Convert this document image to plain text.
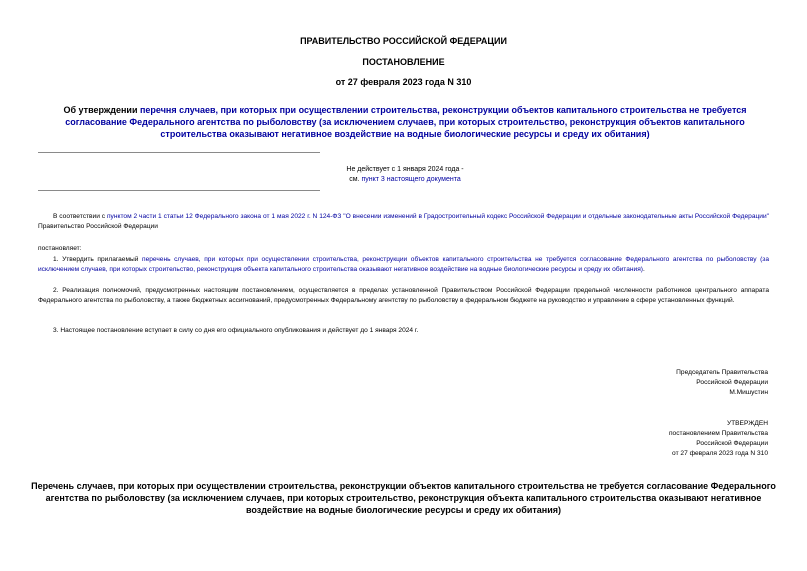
ПРАВИТЕЛЬСТВО РОССИЙСКОЙ ФЕДЕРАЦИИ
ПОСТАНОВЛЕНИЕ
от 27 февраля 2023 года N 310
Об утверждении перечня случаев, при которых при осуществлении строительства, реконструкции объектов капитального строительства не требуется согласование Федерального агентства по рыболовству (за исключением случаев, при которых строительство, реконструкция объектов капитального строительства оказывают негативное воздействие на водные биологические ресурсы и среду их обитания)
Не действует с 1 января 2024 года -
см. пункт 3 настоящего документа
В соответствии с пунктом 2 части 1 статьи 12 Федерального закона от 1 мая 2022 г. N 124-ФЗ "О внесении изменений в Градостроительный кодекс Российской Федерации и отдельные законодательные акты Российской Федерации" Правительство Российской Федерации
постановляет:
1. Утвердить прилагаемый перечень случаев, при которых при осуществлении строительства, реконструкции объектов капитального строительства не требуется согласование Федерального агентства по рыболовству (за исключением случаев, при которых строительство, реконструкция объекта капитального строительства оказывают негативное воздействие на водные биологические ресурсы и среду их обитания).
2. Реализация полномочий, предусмотренных настоящим постановлением, осуществляется в пределах установленной Правительством Российской Федерации предельной численности работников центрального аппарата Федерального агентства по рыболовству, а также бюджетных ассигнований, предусмотренных Федеральному агентству по рыболовству в федеральном бюджете на руководство и управление в сфере установленных функций.
3. Настоящее постановление вступает в силу со дня его официального опубликования и действует до 1 января 2024 г.
Председатель Правительства
Российской Федерации
М.Мишустин
УТВЕРЖДЕН
постановлением Правительства
Российской Федерации
от 27 февраля 2023 года N 310
Перечень случаев, при которых при осуществлении строительства, реконструкции объектов капитального строительства не требуется согласование Федерального агентства по рыболовству (за исключением случаев, при которых строительство, реконструкция объекта капитального строительства оказывают негативное воздействие на водные биологические ресурсы и среду их обитания)
